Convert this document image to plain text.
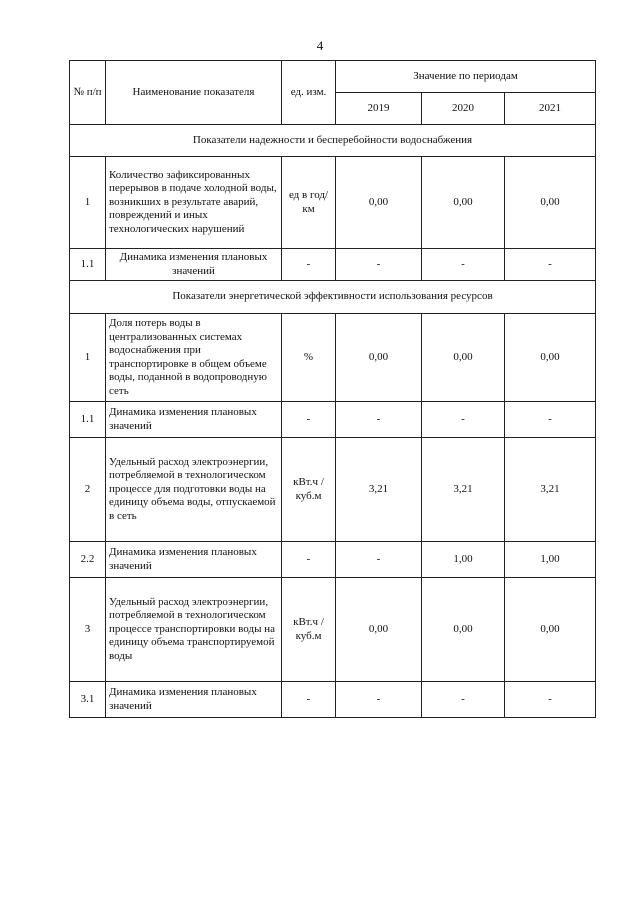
4
№ п/п	Наименование показателя	ед. изм.	Значение по периодам		
			2019	2020	2021
Показатели надежности и бесперебойности водоснабжения					
1	Количество зафиксированных перерывов в подаче холодной воды, возникших в результате аварий, повреждений и иных технологических нарушений	ед в год/ км	0,00	0,00	0,00
1.1	Динамика изменения плановых значений	-	-	-	-
Показатели энергетической эффективности использования ресурсов					
1	Доля потерь воды в централизованных системах водоснабжения при транспортировке в общем объеме воды, поданной в водопроводную сеть	%	0,00	0,00	0,00
1.1	Динамика изменения плановых значений	-	-	-	-
2	Удельный расход электроэнергии, потребляемой в технологическом процессе для подготовки воды на единицу объема воды, отпускаемой в сеть	кВт.ч / куб.м	3,21	3,21	3,21
2.2	Динамика изменения плановых значений	-	-	1,00	1,00
3	Удельный расход электроэнергии, потребляемой в технологическом процессе транспортировки воды на единицу объема транспортируемой воды	кВт.ч / куб.м	0,00	0,00	0,00
3.1	Динамика изменения плановых значений	-	-	-	-
